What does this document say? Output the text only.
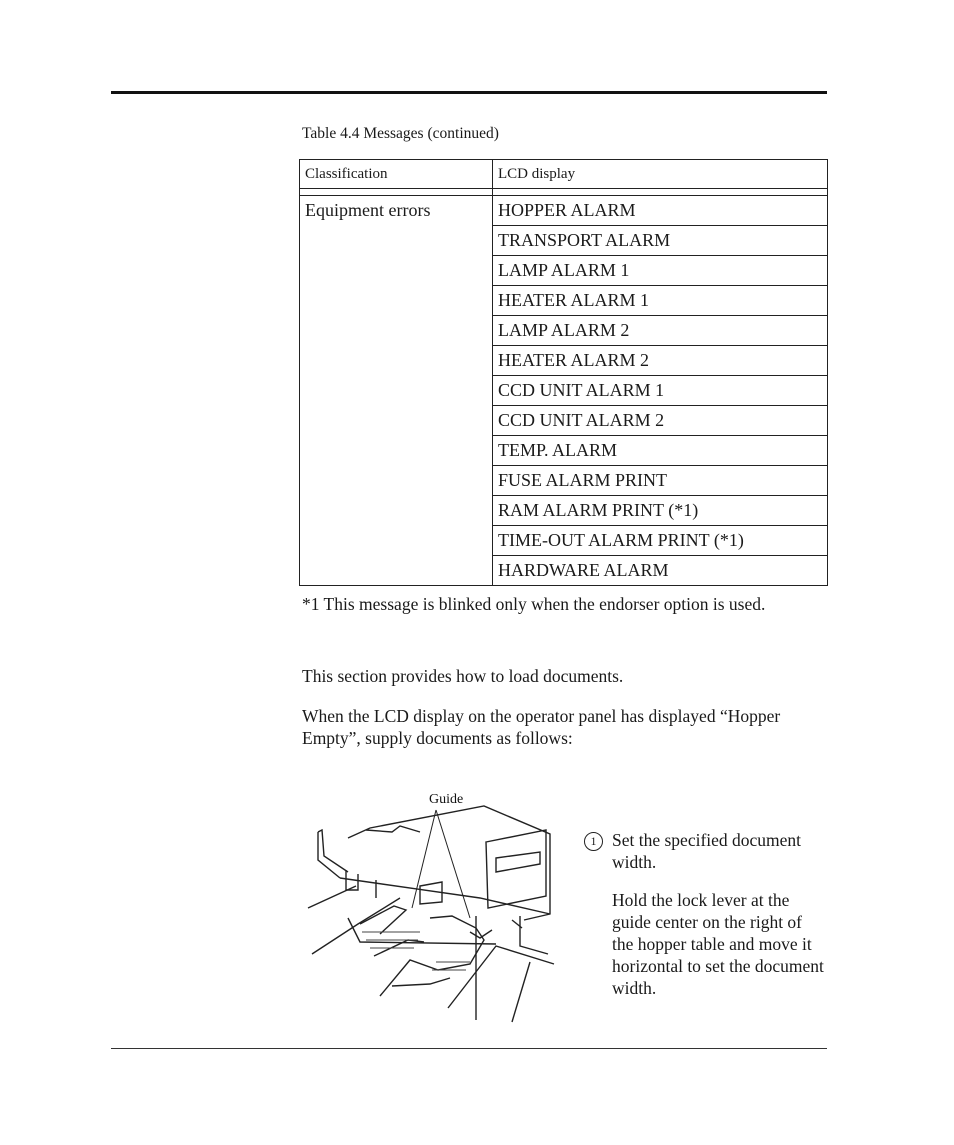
Table 4.4 Messages (continued)
Classification	LCD display

Equipment errors	HOPPER ALARM
	TRANSPORT ALARM
	LAMP ALARM 1
	HEATER ALARM 1
	LAMP ALARM 2
	HEATER ALARM 2
	CCD UNIT ALARM 1
	CCD UNIT ALARM 2
	TEMP. ALARM
	FUSE ALARM PRINT
	RAM ALARM PRINT (*1)
	TIME-OUT ALARM PRINT (*1)
	HARDWARE ALARM
*1 This message is blinked only when the endorser option is used.
This section provides how to load documents.
When the LCD display on the operator panel has displayed “Hopper Empty”, supply documents as follows:
Guide
1 Set the specified document width.
Hold the lock lever at the guide center on the right of the hopper table and move it horizontal to set the document width.
